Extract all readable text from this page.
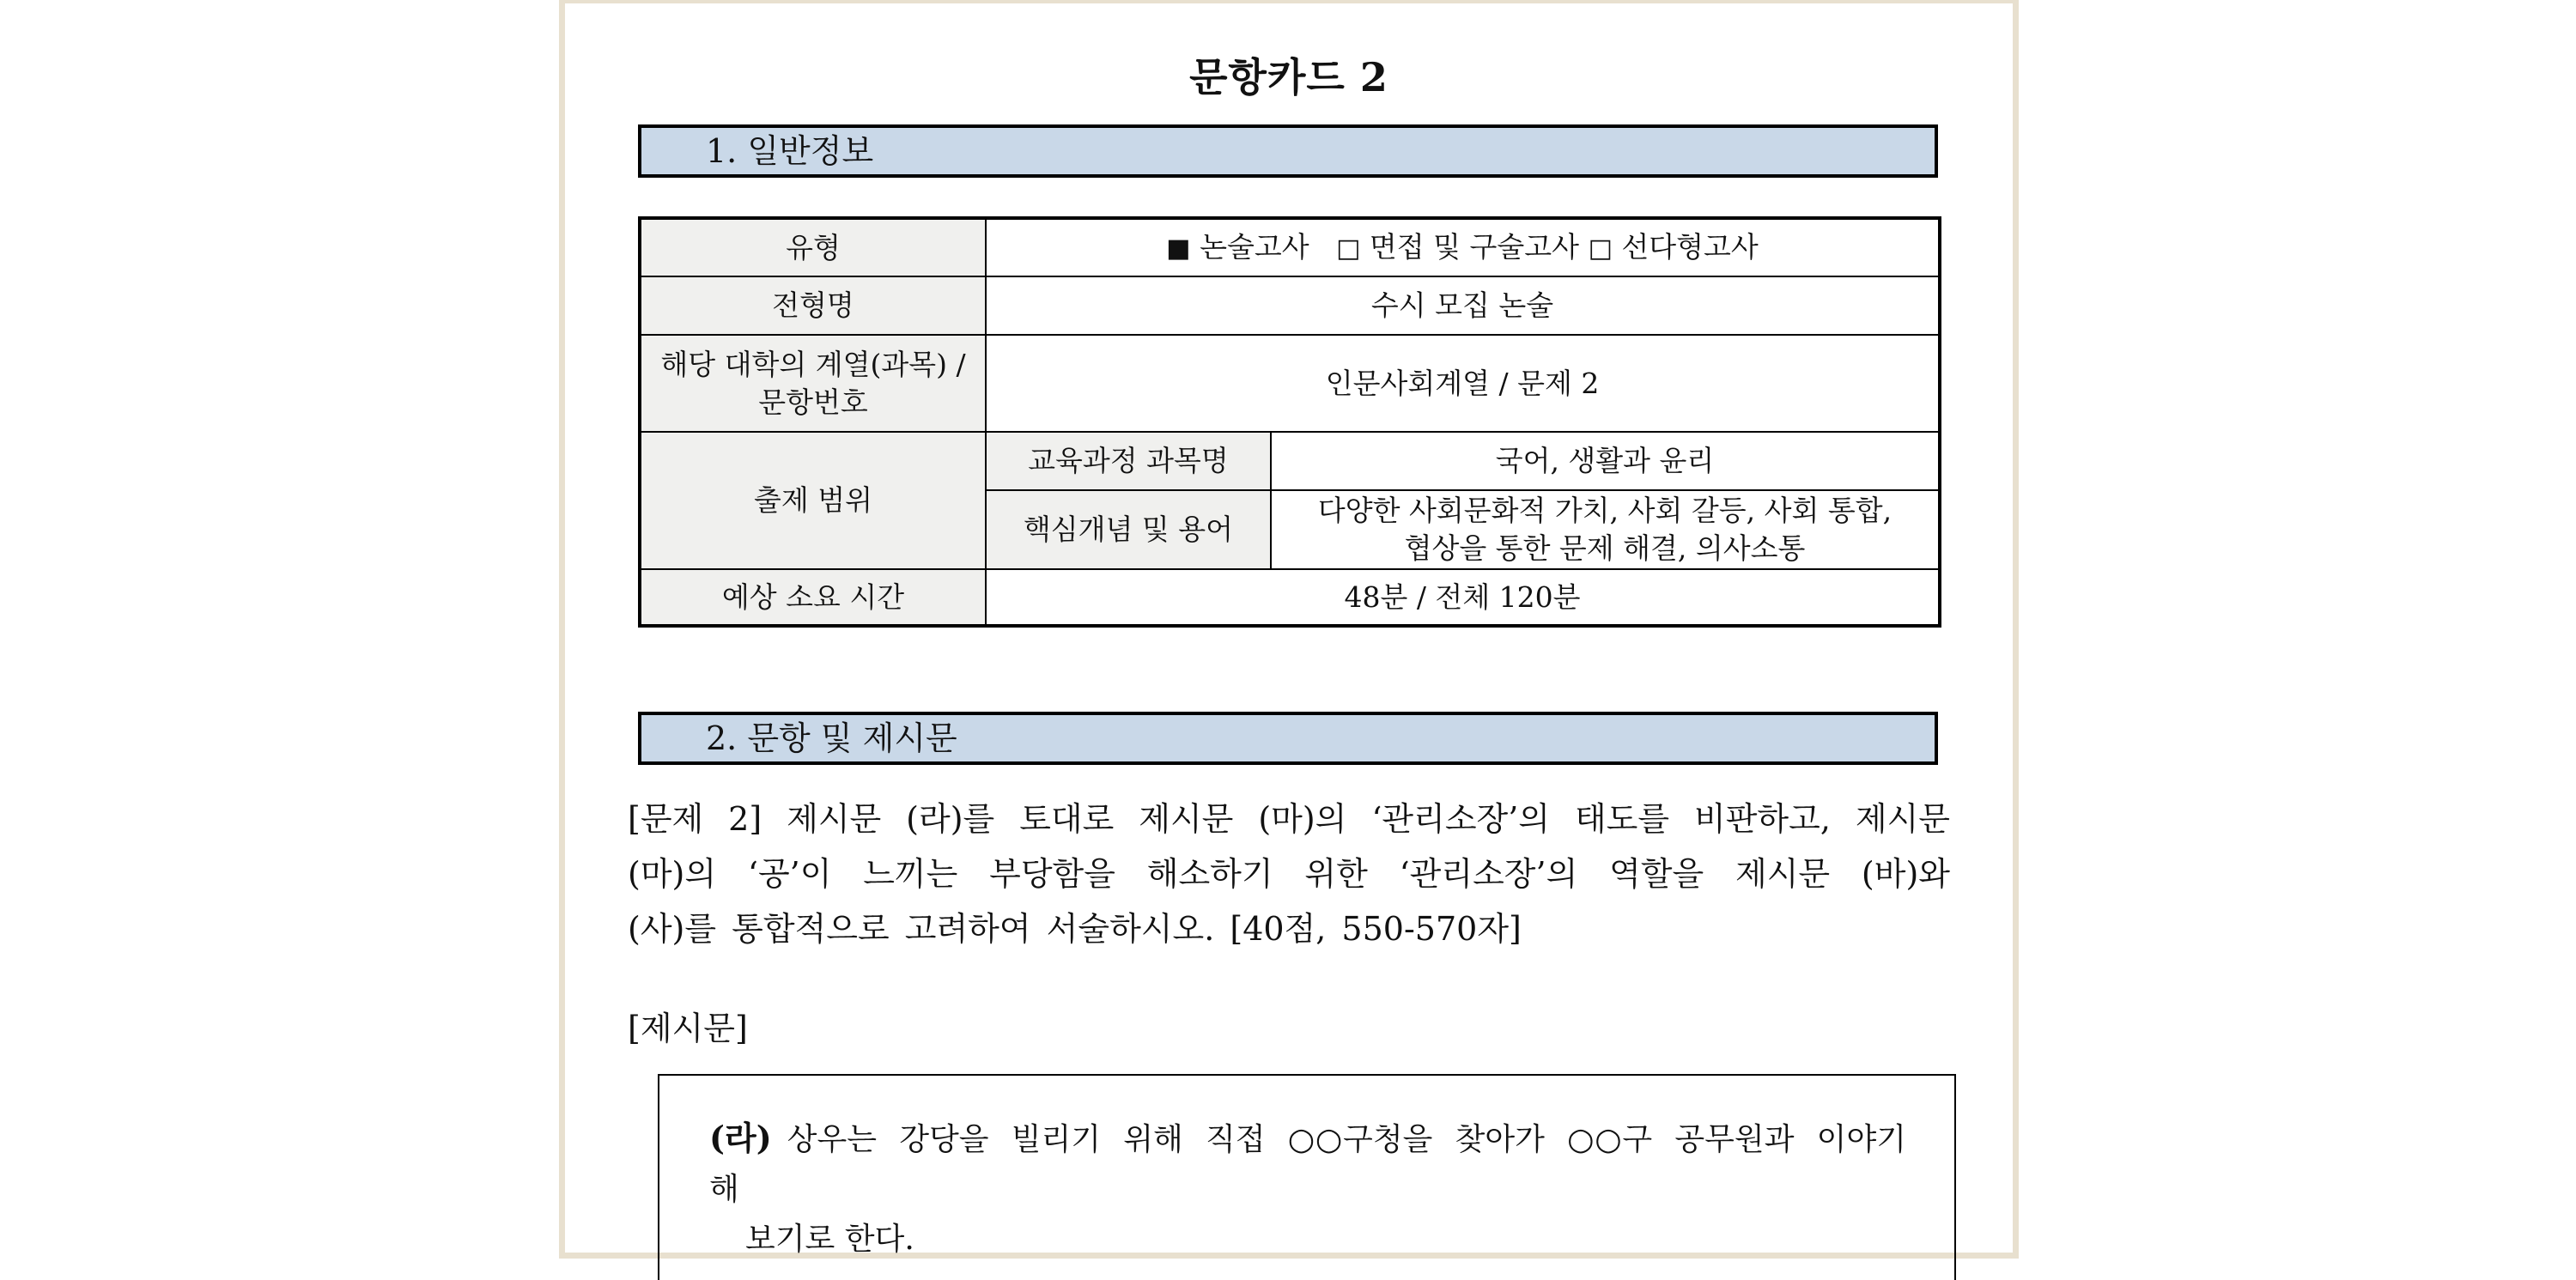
문항카드 2
1. 일반정보
유형	■ 논술고사 □ 면접 및 구술고사 □ 선다형고사	
전형명	수시 모집 논술	

해당 대학의 계열(과목) /
문항번호	인문사회계열 / 문제 2	
출제 범위	교육과정 과목명	국어, 생활과 윤리
	핵심개념 및 용어	다양한 사회문화적 가치, 사회 갈등, 사회 통합,
협상을 통한 문제 해결, 의사소통

예상 소요 시간	48분 / 전체 120분	
2. 문항 및 제시문
[문제 2] 제시문 (라)를 토대로 제시문 (마)의 ‘관리소장’의 태도를 비판하고, 제시문
(마)의 ‘공’이 느끼는 부당함을 해소하기 위한 ‘관리소장’의 역할을 제시문 (바)와
(사)를 통합적으로 고려하여 서술하시오. [40점, 550-570자]
[제시문]
(라) 상우는 강당을 빌리기 위해 직접 ○○구청을 찾아가 ○○구 공무원과 이야기해
보기로 한다.
